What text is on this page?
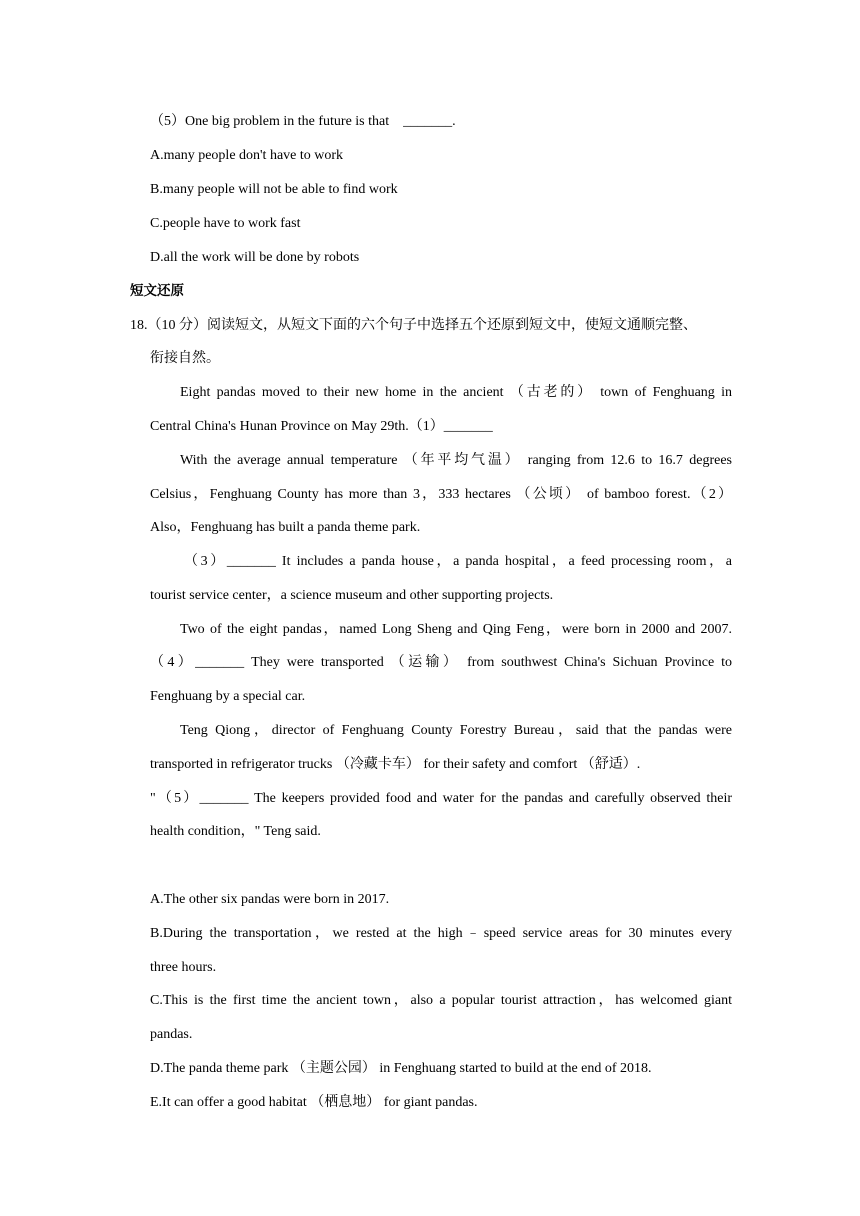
（5）One big problem in the future is that　_______.
A.many people don't have to work
B.many people will not be able to find work
C.people have to work fast
D.all the work will be done by robots
短文还原
18.（10 分）阅读短文，从短文下面的六个句子中选择五个还原到短文中，使短文通顺完整、
衔接自然。
Eight pandas moved to their new home in the ancient （古老的） town of Fenghuang in
Central China's Hunan Province on May 29th.（1）_______
With the average annual temperature （年平均气温） ranging from 12.6 to 16.7 degrees
Celsius，Fenghuang County has more than 3，333 hectares （公顷） of bamboo forest.（2）
Also，Fenghuang has built a panda theme park.
（3）_______ It includes a panda house，a panda hospital，a feed processing room，a
tourist service center，a science museum and other supporting projects.
Two of the eight pandas，named Long Sheng and Qing Feng，were born in 2000 and 2007.
（4）_______ They were transported （运输） from southwest China's Sichuan Province to
Fenghuang by a special car.
Teng Qiong，director of Fenghuang County Forestry Bureau，said that the pandas were
transported in refrigerator trucks （冷藏卡车） for their safety and comfort （舒适）.
"（5）_______ The keepers provided food and water for the pandas and carefully observed their
health condition，" Teng said.
A.The other six pandas were born in 2017.
B.During the transportation，we rested at the high﹣speed service areas for 30 minutes every
three hours.
C.This is the first time the ancient town，also a popular tourist attraction，has welcomed giant
pandas.
D.The panda theme park （主题公园） in Fenghuang started to build at the end of 2018.
E.It can offer a good habitat （栖息地） for giant pandas.
